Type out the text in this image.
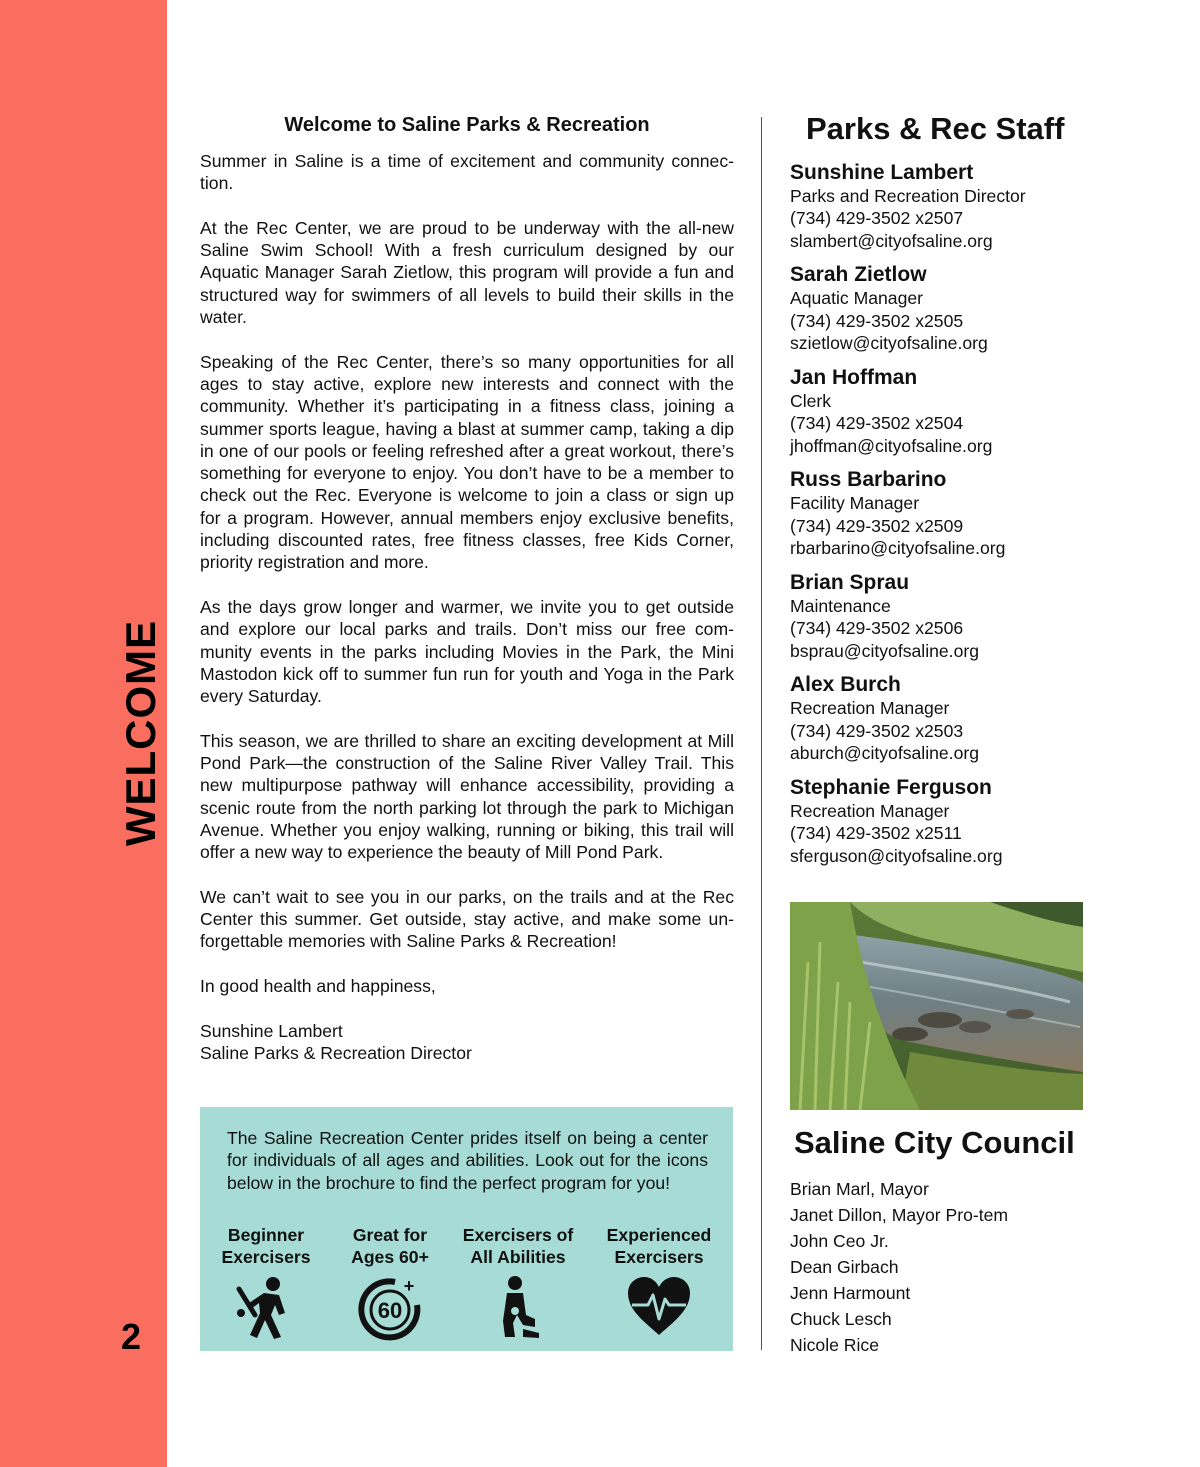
WELCOME
2
Welcome to Saline Parks & Recreation

Summer in Saline is a time of excitement and community connection.

At the Rec Center, we are proud to be underway with the all-new Saline Swim School! With a fresh curriculum designed by our Aquatic Manager Sarah Zietlow, this program will provide a fun and structured way for swimmers of all levels to build their skills in the water.

Speaking of the Rec Center, there’s so many opportunities for all ages to stay active, explore new interests and connect with the community. Whether it’s participating in a fitness class, joining a summer sports league, having a blast at summer camp, taking a dip in one of our pools or feeling refreshed after a great workout, there’s something for everyone to enjoy. You don’t have to be a member to check out the Rec. Everyone is welcome to join a class or sign up for a program. However, annual members enjoy exclusive benefits, including discounted rates, free fitness classes, free Kids Corner, priority registration and more.

As the days grow longer and warmer, we invite you to get outside and explore our local parks and trails. Don’t miss our free community events in the parks including Movies in the Park, the Mini Mastodon kick off to summer fun run for youth and Yoga in the Park every Saturday.

This season, we are thrilled to share an exciting development at Mill Pond Park—the construction of the Saline River Valley Trail. This new multipurpose pathway will enhance accessibility, providing a scenic route from the north parking lot through the park to Michigan Avenue. Whether you enjoy walking, running or biking, this trail will offer a new way to experience the beauty of Mill Pond Park.

We can’t wait to see you in our parks, on the trails and at the Rec Center this summer. Get outside, stay active, and make some unforgettable memories with Saline Parks & Recreation!

In good health and happiness,

Sunshine Lambert

Saline Parks & Recreation Director

The Saline Recreation Center prides itself on being a center for individuals of all ages and abilities. Look out for the icons below in the brochure to find the perfect program for you!
Beginner
Exercisers
Great for
Ages 60+
60
+
Exercisers of
All Abilities
Experienced
Exercisers
Parks & Rec Staff
Sunshine Lambert
Parks and Recreation Director
(734) 429-3502 x2507
slambert@cityofsaline.org
Sarah Zietlow
Aquatic Manager
(734) 429-3502 x2505
szietlow@cityofsaline.org
Jan Hoffman
Clerk
(734) 429-3502 x2504
jhoffman@cityofsaline.org
Russ Barbarino
Facility Manager
(734) 429-3502 x2509
rbarbarino@cityofsaline.org
Brian Sprau
Maintenance
(734) 429-3502 x2506
bsprau@cityofsaline.org
Alex Burch
Recreation Manager
(734) 429-3502 x2503
aburch@cityofsaline.org
Stephanie Ferguson
Recreation Manager
(734) 429-3502 x2511
sferguson@cityofsaline.org
Saline City Council
Brian Marl, Mayor
Janet Dillon, Mayor Pro-tem
John Ceo Jr.
Dean Girbach
Jenn Harmount
Chuck Lesch
Nicole Rice
